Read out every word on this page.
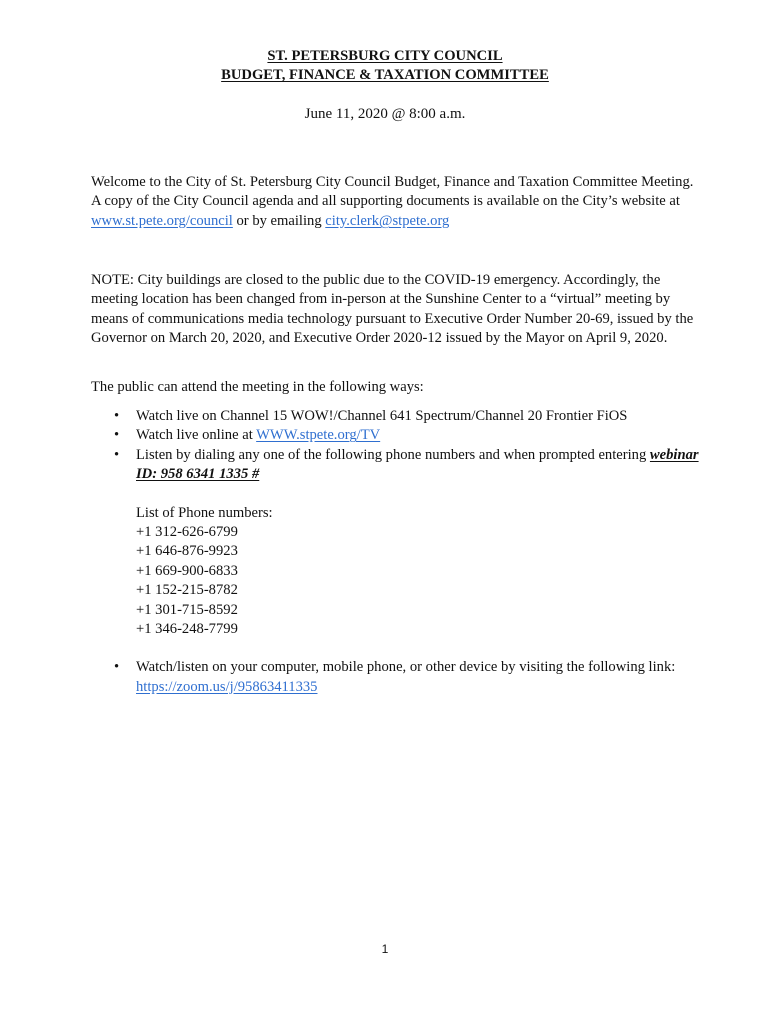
ST. PETERSBURG CITY COUNCIL
BUDGET, FINANCE & TAXATION COMMITTEE
June 11, 2020 @ 8:00 a.m.

Welcome to the City of St. Petersburg City Council Budget, Finance and Taxation Committee Meeting. A copy of the City Council agenda and all supporting documents is available on the City’s website at www.st.pete.org/council or by emailing city.clerk@stpete.org

NOTE: City buildings are closed to the public due to the COVID-19 emergency. Accordingly, the meeting location has been changed from in-person at the Sunshine Center to a “virtual” meeting by means of communications media technology pursuant to Executive Order Number 20-69, issued by the Governor on March 20, 2020, and Executive Order 2020-12 issued by the Mayor on April 9, 2020.

The public can attend the meeting in the following ways:

• Watch live on Channel 15 WOW!/Channel 641 Spectrum/Channel 20 Frontier FiOS
• Watch live online at WWW.stpete.org/TV
• Listen by dialing any one of the following phone numbers and when prompted entering webinar ID: 958 6341 1335 #
List of Phone numbers:
+1 312-626-6799
+1 646-876-9923
+1 669-900-6833
+1 152-215-8782
+1 301-715-8592
+1 346-248-7799
• Watch/listen on your computer, mobile phone, or other device by visiting the following link: https://zoom.us/j/95863411335
1
